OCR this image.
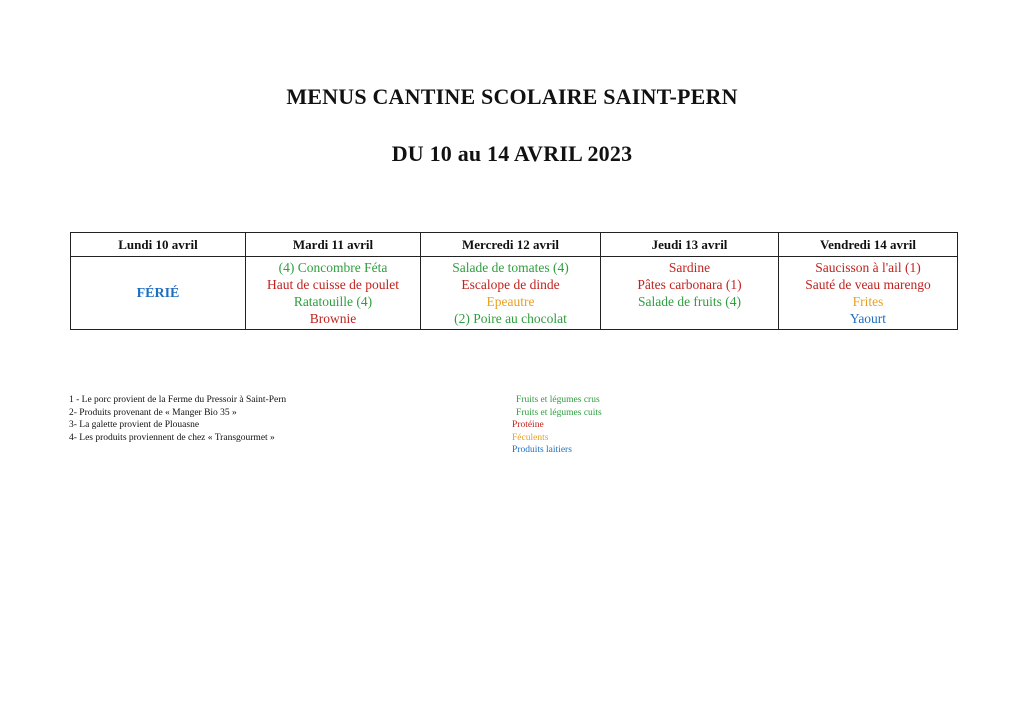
MENUS CANTINE SCOLAIRE SAINT-PERN
DU 10 au 14 AVRIL 2023
Lundi 10 avril	Mardi 11 avril	Mercredi 12 avril	Jeudi 13 avril	Vendredi 14 avril
FÉRIÉ	(4) Concombre Féta
Haut de cuisse de poulet
Ratatouille (4)
Brownie	Salade de tomates (4)
Escalope de dinde
Epeautre
(2) Poire au chocolat	Sardine
Pâtes carbonara (1)
Salade de fruits (4)	Saucisson à l'ail (1)
Sauté de veau marengo
Frites
Yaourt
1 - Le porc provient de la Ferme du Pressoir à Saint-Pern
2- Produits provenant de « Manger Bio 35 »
3- La galette provient de Plouasne
4- Les produits proviennent de chez « Transgourmet »
Fruits et légumes crus
Fruits et légumes cuits
Protéine
Féculents
Produits laitiers
